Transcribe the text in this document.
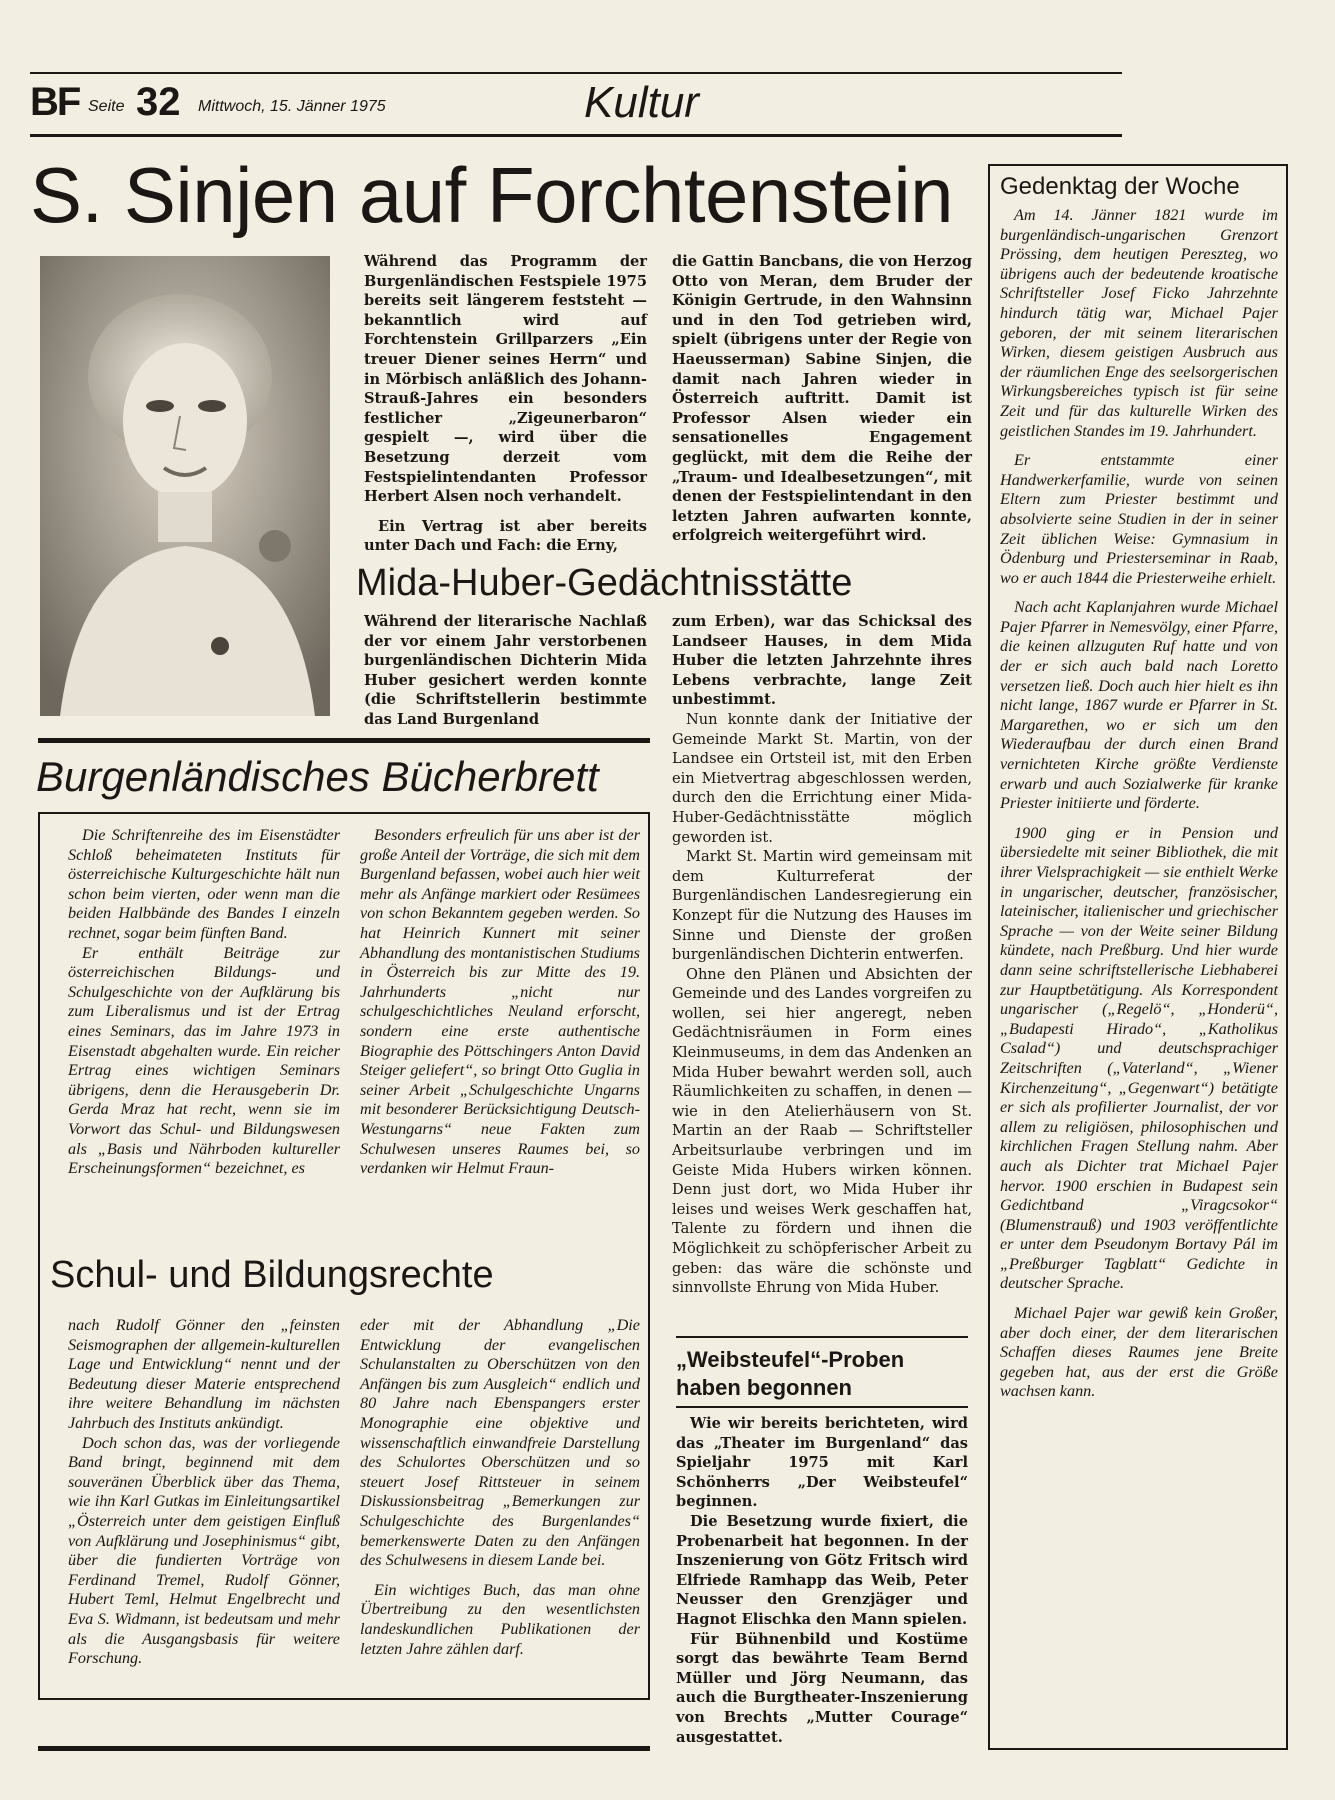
BF Seite 32 Mittwoch, 15. Jänner 1975	Kultur
S. Sinjen auf Forchtenstein

Während das Programm der Burgenländischen Festspiele 1975 bereits seit längerem feststeht — bekanntlich wird auf Forchtenstein Grillparzers „Ein treuer Diener seines Herrn“ und in Mörbisch anläßlich des Johann-Strauß-Jahres ein besonders festlicher „Zigeunerbaron“ gespielt —, wird über die Besetzung derzeit vom Festspielintendanten Professor Herbert Alsen noch verhandelt.

Ein Vertrag ist aber bereits unter Dach und Fach: die Erny,

die Gattin Bancbans, die von Herzog Otto von Meran, dem Bruder der Königin Gertrude, in den Wahnsinn und in den Tod getrieben wird, spielt (übrigens unter der Regie von Haeusserman) Sabine Sinjen, die damit nach Jahren wieder in Österreich auftritt. Damit ist Professor Alsen wieder ein sensationelles Engagement geglückt, mit dem die Reihe der „Traum- und Idealbesetzungen“, mit denen der Festspielintendant in den letzten Jahren aufwarten konnte, erfolgreich weitergeführt wird.

Mida-Huber-Gedächtnisstätte

Während der literarische Nachlaß der vor einem Jahr verstorbenen burgenländischen Dichterin Mida Huber gesichert werden konnte (die Schriftstellerin bestimmte das Land Burgenland

zum Erben), war das Schicksal des Landseer Hauses, in dem Mida Huber die letzten Jahrzehnte ihres Lebens verbrachte, lange Zeit unbestimmt.

Nun konnte dank der Initiative der Gemeinde Markt St. Martin, von der Landsee ein Ortsteil ist, mit den Erben ein Mietvertrag abgeschlossen werden, durch den die Errichtung einer Mida-Huber-Gedächtnisstätte möglich geworden ist.

Markt St. Martin wird gemeinsam mit dem Kulturreferat der Burgenländischen Landesregierung ein Konzept für die Nutzung des Hauses im Sinne und Dienste der großen burgenländischen Dichterin entwerfen.

Ohne den Plänen und Absichten der Gemeinde und des Landes vorgreifen zu wollen, sei hier angeregt, neben Gedächtnisräumen in Form eines Kleinmuseums, in dem das Andenken an Mida Huber bewahrt werden soll, auch Räumlichkeiten zu schaffen, in denen — wie in den Atelierhäusern von St. Martin an der Raab — Schriftsteller Arbeitsurlaube verbringen und im Geiste Mida Hubers wirken können. Denn just dort, wo Mida Huber ihr leises und weises Werk geschaffen hat, Talente zu fördern und ihnen die Möglichkeit zu schöpferischer Arbeit zu geben: das wäre die schönste und sinnvollste Ehrung von Mida Huber.

Burgenländisches Bücherbrett

Die Schriftenreihe des im Eisenstädter Schloß beheimateten Instituts für österreichische Kulturgeschichte hält nun schon beim vierten, oder wenn man die beiden Halbbände des Bandes I einzeln rechnet, sogar beim fünften Band.

Er enthält Beiträge zur österreichischen Bildungs- und Schulgeschichte von der Aufklärung bis zum Liberalismus und ist der Ertrag eines Seminars, das im Jahre 1973 in Eisenstadt abgehalten wurde. Ein reicher Ertrag eines wichtigen Seminars übrigens, denn die Herausgeberin Dr. Gerda Mraz hat recht, wenn sie im Vorwort das Schul- und Bildungswesen als „Basis und Nährboden kultureller Erscheinungsformen“ bezeichnet, es

Besonders erfreulich für uns aber ist der große Anteil der Vorträge, die sich mit dem Burgenland befassen, wobei auch hier weit mehr als Anfänge markiert oder Resümees von schon Bekanntem gegeben werden. So hat Heinrich Kunnert mit seiner Abhandlung des montanistischen Studiums in Österreich bis zur Mitte des 19. Jahrhunderts „nicht nur schulgeschichtliches Neuland erforscht, sondern eine erste authentische Biographie des Pöttschingers Anton David Steiger geliefert“, so bringt Otto Guglia in seiner Arbeit „Schulgeschichte Ungarns mit besonderer Berücksichtigung Deutsch-Westungarns“ neue Fakten zum Schulwesen unseres Raumes bei, so verdanken wir Helmut Fraun-

Schul- und Bildungsrechte

nach Rudolf Gönner den „feinsten Seismographen der allgemein-kulturellen Lage und Entwicklung“ nennt und der Bedeutung dieser Materie entsprechend ihre weitere Behandlung im nächsten Jahrbuch des Instituts ankündigt.

Doch schon das, was der vorliegende Band bringt, beginnend mit dem souveränen Überblick über das Thema, wie ihn Karl Gutkas im Einleitungsartikel „Österreich unter dem geistigen Einfluß von Aufklärung und Josephinismus“ gibt, über die fundierten Vorträge von Ferdinand Tremel, Rudolf Gönner, Hubert Teml, Helmut Engelbrecht und Eva S. Widmann, ist bedeutsam und mehr als die Ausgangsbasis für weitere Forschung.

eder mit der Abhandlung „Die Entwicklung der evangelischen Schulanstalten zu Oberschützen von den Anfängen bis zum Ausgleich“ endlich und 80 Jahre nach Ebenspangers erster Monographie eine objektive und wissenschaftlich einwandfreie Darstellung des Schulortes Oberschützen und so steuert Josef Rittsteuer in seinem Diskussionsbeitrag „Bemerkungen zur Schulgeschichte des Burgenlandes“ bemerkenswerte Daten zu den Anfängen des Schulwesens in diesem Lande bei.

Ein wichtiges Buch, das man ohne Übertreibung zu den wesentlichsten landeskundlichen Publikationen der letzten Jahre zählen darf.

„Weibsteufel“-Proben
haben begonnen

Wie wir bereits berichteten, wird das „Theater im Burgenland“ das Spieljahr 1975 mit Karl Schönherrs „Der Weibsteufel“ beginnen.

Die Besetzung wurde fixiert, die Probenarbeit hat begonnen. In der Inszenierung von Götz Fritsch wird Elfriede Ramhapp das Weib, Peter Neusser den Grenzjäger und Hagnot Elischka den Mann spielen.

Für Bühnenbild und Kostüme sorgt das bewährte Team Bernd Müller und Jörg Neumann, das auch die Burgtheater-Inszenierung von Brechts „Mutter Courage“ ausgestattet.

Gedenktag der Woche

Am 14. Jänner 1821 wurde im burgenländisch-ungarischen Grenzort Prössing, dem heutigen Pereszteg, wo übrigens auch der bedeutende kroatische Schriftsteller Josef Ficko Jahrzehnte hindurch tätig war, Michael Pajer geboren, der mit seinem literarischen Wirken, diesem geistigen Ausbruch aus der räumlichen Enge des seelsorgerischen Wirkungsbereiches typisch ist für seine Zeit und für das kulturelle Wirken des geistlichen Standes im 19. Jahrhundert.

Er entstammte einer Handwerkerfamilie, wurde von seinen Eltern zum Priester bestimmt und absolvierte seine Studien in der in seiner Zeit üblichen Weise: Gymnasium in Ödenburg und Priesterseminar in Raab, wo er auch 1844 die Priesterweihe erhielt.

Nach acht Kaplanjahren wurde Michael Pajer Pfarrer in Nemesvölgy, einer Pfarre, die keinen allzuguten Ruf hatte und von der er sich auch bald nach Loretto versetzen ließ. Doch auch hier hielt es ihn nicht lange, 1867 wurde er Pfarrer in St. Margarethen, wo er sich um den Wiederaufbau der durch einen Brand vernichteten Kirche größte Verdienste erwarb und auch Sozialwerke für kranke Priester initiierte und förderte.

1900 ging er in Pension und übersiedelte mit seiner Bibliothek, die mit ihrer Vielsprachigkeit — sie enthielt Werke in ungarischer, deutscher, französischer, lateinischer, italienischer und griechischer Sprache — von der Weite seiner Bildung kündete, nach Preßburg. Und hier wurde dann seine schriftstellerische Liebhaberei zur Hauptbetätigung. Als Korrespondent ungarischer („Regelö“, „Honderü“, „Budapesti Hirado“, „Katholikus Csalad“) und deutschsprachiger Zeitschriften („Vaterland“, „Wiener Kirchenzeitung“, „Gegenwart“) betätigte er sich als profilierter Journalist, der vor allem zu religiösen, philosophischen und kirchlichen Fragen Stellung nahm. Aber auch als Dichter trat Michael Pajer hervor. 1900 erschien in Budapest sein Gedichtband „Viragcsokor“ (Blumenstrauß) und 1903 veröffentlichte er unter dem Pseudonym Bortavy Pál im „Preßburger Tagblatt“ Gedichte in deutscher Sprache.

Michael Pajer war gewiß kein Großer, aber doch einer, der dem literarischen Schaffen dieses Raumes jene Breite gegeben hat, aus der erst die Größe wachsen kann.
